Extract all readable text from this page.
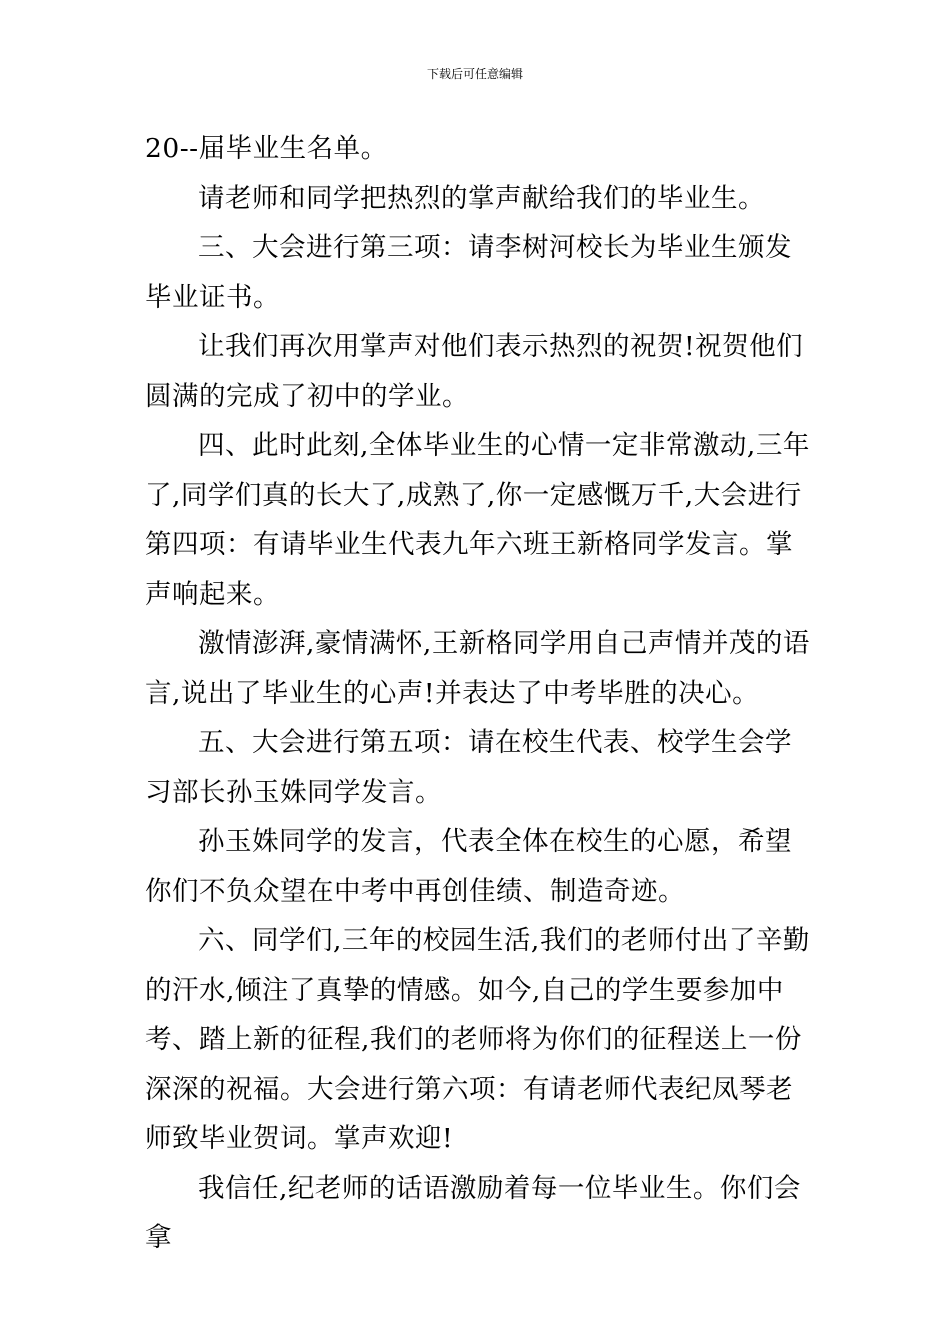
下载后可任意编辑

20--届毕业生名单。

请老师和同学把热烈的掌声献给我们的毕业生。

三、大会进行第三项：请李树河校长为毕业生颁发毕业证书。

让我们再次用掌声对他们表示热烈的祝贺!祝贺他们圆满的完成了初中的学业。

四、此时此刻,全体毕业生的心情一定非常激动,三年了,同学们真的长大了,成熟了,你一定感慨万千,大会进行第四项：有请毕业生代表九年六班王新格同学发言。掌声响起来。

激情澎湃,豪情满怀,王新格同学用自己声情并茂的语言,说出了毕业生的心声!并表达了中考毕胜的决心。

五、大会进行第五项：请在校生代表、校学生会学习部长孙玉姝同学发言。

孙玉姝同学的发言，代表全体在校生的心愿，希望你们不负众望在中考中再创佳绩、制造奇迹。

六、同学们,三年的校园生活,我们的老师付出了辛勤的汗水,倾注了真挚的情感。如今,自己的学生要参加中考、踏上新的征程,我们的老师将为你们的征程送上一份深深的祝福。大会进行第六项：有请老师代表纪凤琴老师致毕业贺词。掌声欢迎!

我信任,纪老师的话语激励着每一位毕业生。你们会拿
